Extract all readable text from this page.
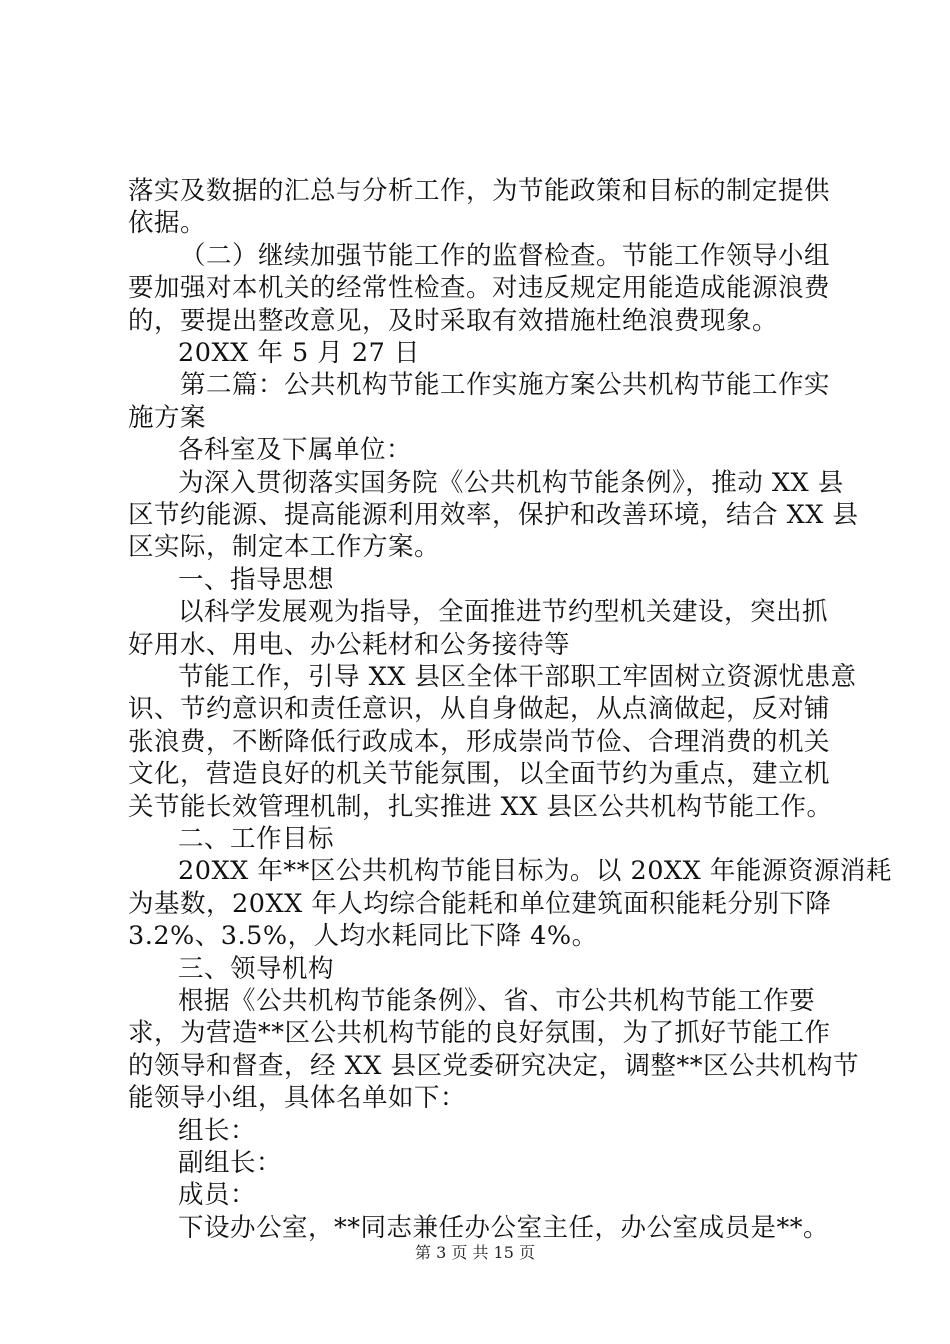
落实及数据的汇总与分析工作，为节能政策和目标的制定提供
依据。
（二）继续加强节能工作的监督检查。节能工作领导小组
要加强对本机关的经常性检查。对违反规定用能造成能源浪费
的，要提出整改意见，及时采取有效措施杜绝浪费现象。
20XX 年 5 月 27 日
第二篇：公共机构节能工作实施方案公共机构节能工作实
施方案
各科室及下属单位：
为深入贯彻落实国务院《公共机构节能条例》，推动 XX 县
区节约能源、提高能源利用效率，保护和改善环境，结合 XX 县
区实际，制定本工作方案。
一、指导思想
以科学发展观为指导，全面推进节约型机关建设，突出抓
好用水、用电、办公耗材和公务接待等
节能工作，引导 XX 县区全体干部职工牢固树立资源忧患意
识、节约意识和责任意识，从自身做起，从点滴做起，反对铺
张浪费，不断降低行政成本，形成崇尚节俭、合理消费的机关
文化，营造良好的机关节能氛围，以全面节约为重点，建立机
关节能长效管理机制，扎实推进 XX 县区公共机构节能工作。
二、工作目标
20XX 年**区公共机构节能目标为。以 20XX 年能源资源消耗
为基数，20XX 年人均综合能耗和单位建筑面积能耗分别下降
3.2%、3.5%，人均水耗同比下降 4%。
三、领导机构
根据《公共机构节能条例》、省、市公共机构节能工作要
求，为营造**区公共机构节能的良好氛围，为了抓好节能工作
的领导和督查，经 XX 县区党委研究决定，调整**区公共机构节
能领导小组，具体名单如下：
组长：
副组长：
成员：
下设办公室，**同志兼任办公室主任，办公室成员是**。
第 3 页 共 15 页
